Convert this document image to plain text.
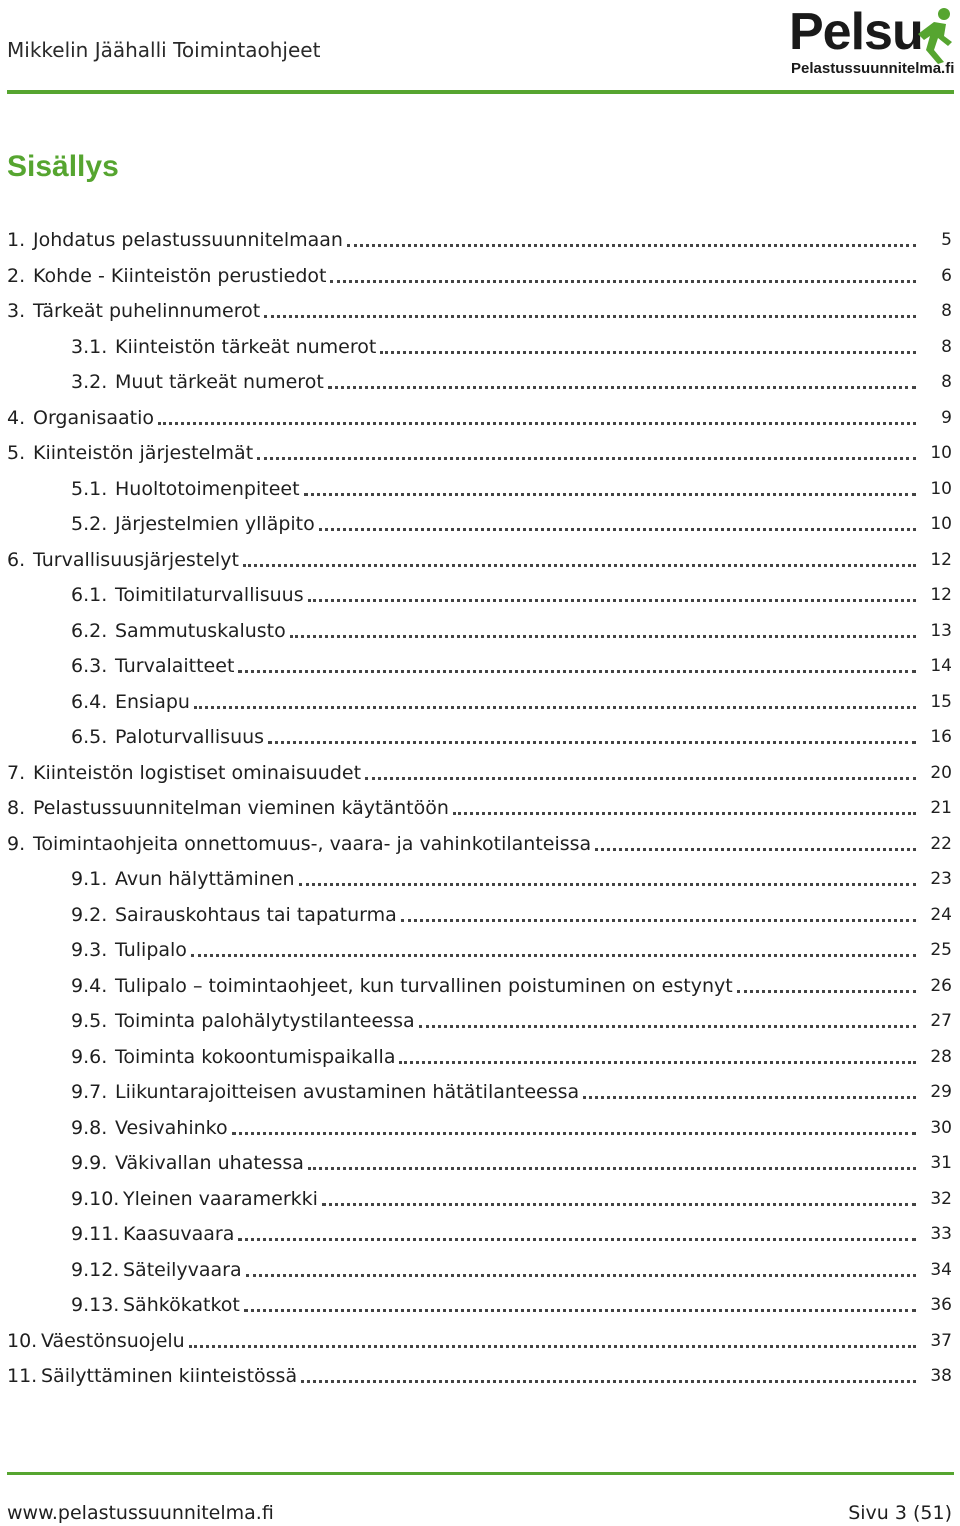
Mikkelin Jäähalli Toimintaohjeet	Pelsu
Pelastussuunnitelma.fi
Sisällys
1. Johdatus pelastussuunnitelmaan	5
2. Kohde - Kiinteistön perustiedot	6
3. Tärkeät puhelinnumerot	8
3.1. Kiinteistön tärkeät numerot	8
3.2. Muut tärkeät numerot	8
4. Organisaatio	9
5. Kiinteistön järjestelmät	10
5.1. Huoltotoimenpiteet	10
5.2. Järjestelmien ylläpito	10
6. Turvallisuusjärjestelyt	12
6.1. Toimitilaturvallisuus	12
6.2. Sammutuskalusto	13
6.3. Turvalaitteet	14
6.4. Ensiapu	15
6.5. Paloturvallisuus	16
7. Kiinteistön logistiset ominaisuudet	20
8. Pelastussuunnitelman vieminen käytäntöön	21
9. Toimintaohjeita onnettomuus-, vaara- ja vahinkotilanteissa	22
9.1. Avun hälyttäminen	23
9.2. Sairauskohtaus tai tapaturma	24
9.3. Tulipalo	25
9.4. Tulipalo – toimintaohjeet, kun turvallinen poistuminen on estynyt	26
9.5. Toiminta palohälytystilanteessa	27
9.6. Toiminta kokoontumispaikalla	28
9.7. Liikuntarajoitteisen avustaminen hätätilanteessa	29
9.8. Vesivahinko	30
9.9. Väkivallan uhatessa	31
9.10. Yleinen vaaramerkki	32
9.11. Kaasuvaara	33
9.12. Säteilyvaara	34
9.13. Sähkökatkot	36
10. Väestönsuojelu	37
11. Säilyttäminen kiinteistössä	38
www.pelastussuunnitelma.fi	Sivu 3 (51)
